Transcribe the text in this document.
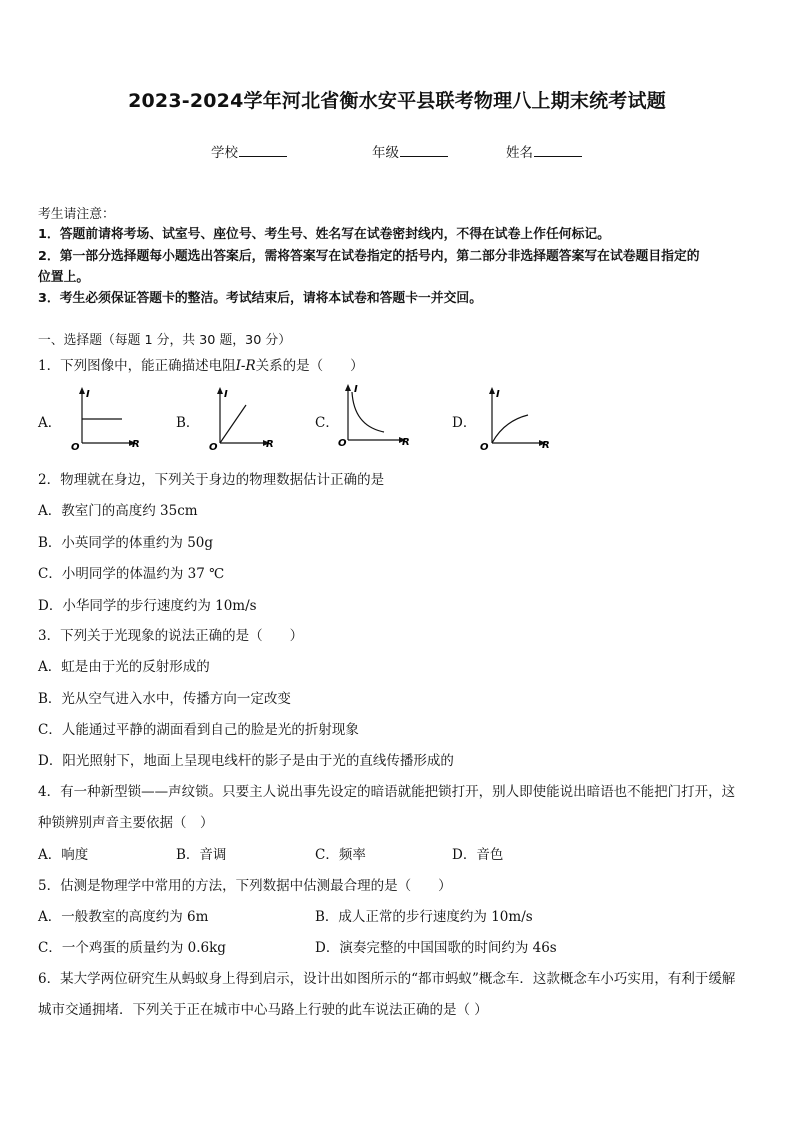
2023-2024学年河北省衡水安平县联考物理八上期末统考试题
学校	年级	姓名
考生请注意：
1．答题前请将考场、试室号、座位号、考生号、姓名写在试卷密封线内，不得在试卷上作任何标记。
2．第一部分选择题每小题选出答案后，需将答案写在试卷指定的括号内，第二部分非选择题答案写在试卷题目指定的
位置上。
3．考生必须保证答题卡的整洁。考试结束后，请将本试卷和答题卡一并交回。
一、选择题（每题 1 分，共 30 题，30 分）
1．下列图像中，能正确描述电阻I-R关系的是（　　）
A．
I
R
O
B．
I
R
O
C．
I
R
O
D．
I
R
O
2．物理就在身边，下列关于身边的物理数据估计正确的是
A．教室门的高度约 35cm
B．小英同学的体重约为 50g
C．小明同学的体温约为 37 ℃
D．小华同学的步行速度约为 10m/s
3．下列关于光现象的说法正确的是（　　）
A．虹是由于光的反射形成的
B．光从空气进入水中，传播方向一定改变
C．人能通过平静的湖面看到自己的脸是光的折射现象
D．阳光照射下，地面上呈现电线杆的影子是由于光的直线传播形成的
4．有一种新型锁——声纹锁。只要主人说出事先设定的暗语就能把锁打开，别人即使能说出暗语也不能把门打开，这
种锁辨别声音主要依据（　）
A．响度	B．音调	C．频率	D．音色
5．估测是物理学中常用的方法，下列数据中估测最合理的是（　　）
A．一般教室的高度约为 6m	B．成人正常的步行速度约为 10m/s
C．一个鸡蛋的质量约为 0.6kg	D．演奏完整的中国国歌的时间约为 46s
6．某大学两位研究生从蚂蚁身上得到启示，设计出如图所示的“都市蚂蚁”概念车．这款概念车小巧实用，有利于缓解
城市交通拥堵．下列关于正在城市中心马路上行驶的此车说法正确的是（ ）
